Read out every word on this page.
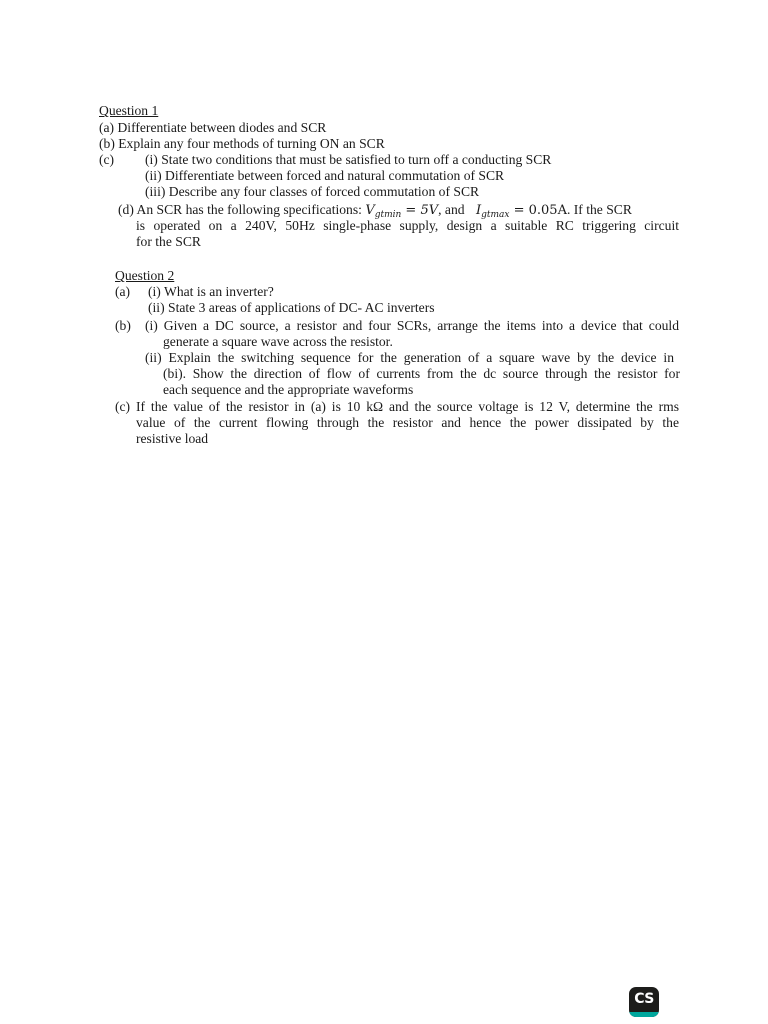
Question 1
(a) Differentiate between diodes and SCR
(b) Explain any four methods of turning ON an SCR
(c) (i) State two conditions that must be satisfied to turn off a conducting SCR
(ii) Differentiate between forced and natural commutation of SCR
(iii) Describe any four classes of forced commutation of SCR
(d) An SCR has the following specifications: $V_{gtmin} = 5V$, and $I_{gtmax} = 0.05A$. If the SCR
is operated on a 240V, 50Hz single-phase supply, design a suitable RC triggering circuit
for the SCR
Question 2
(a) (i) What is an inverter?
(ii) State 3 areas of applications of DC- AC inverters
(b) (i) Given a DC source, a resistor and four SCRs, arrange the items into a device that could
generate a square wave across the resistor.
(ii) Explain the switching sequence for the generation of a square wave by the device in
(bi). Show the direction of flow of currents from the dc source through the resistor for
each sequence and the appropriate waveforms
(c) If the value of the resistor in (a) is 10 kΩ and the source voltage is 12 V, determine the rms
value of the current flowing through the resistor and hence the power dissipated by the
resistive load
CS
